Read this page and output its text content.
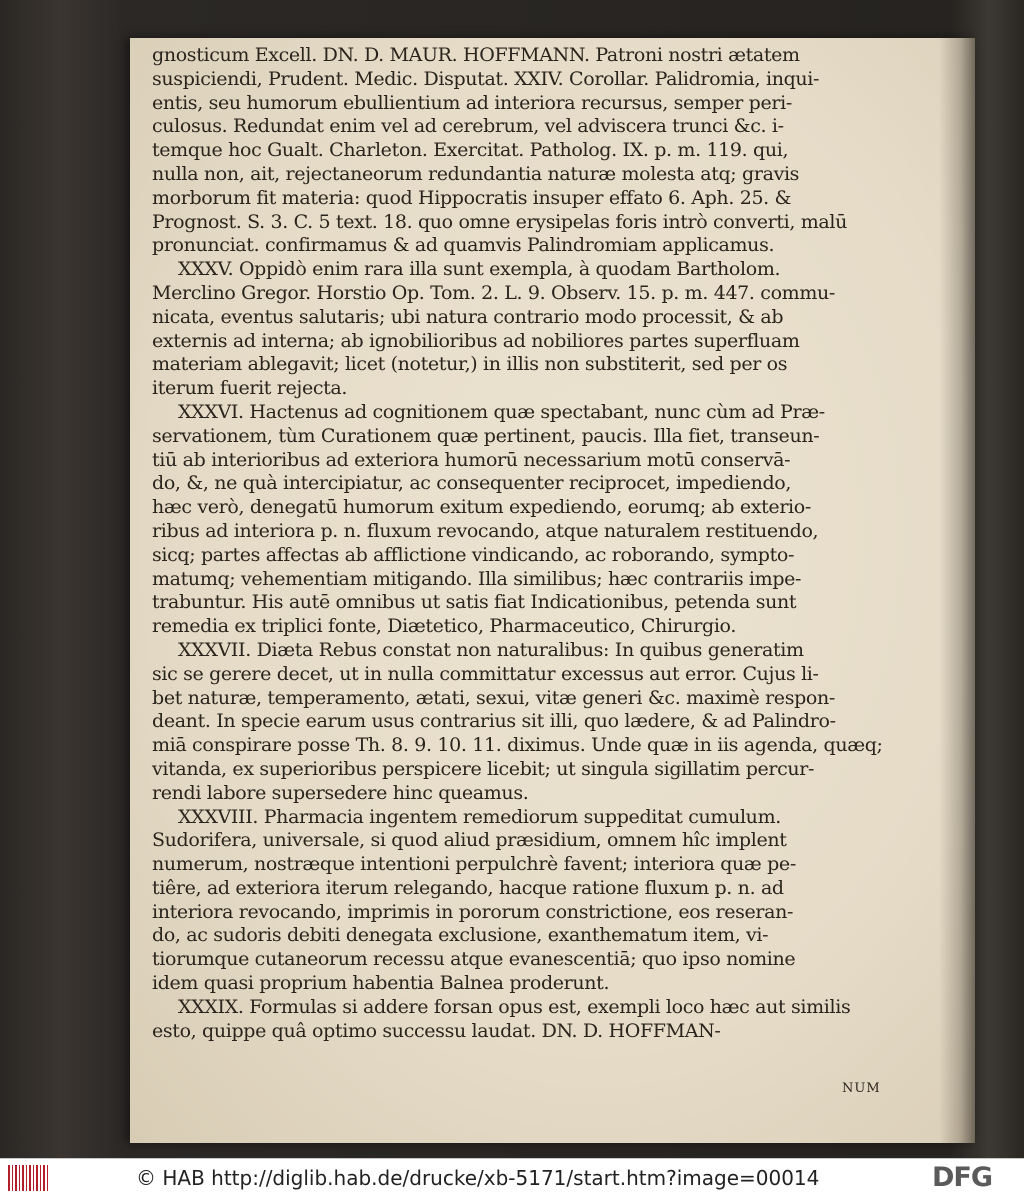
gnosticum Excell. DN. D. MAUR. HOFFMANN. Patroni nostri ætatem
suspiciendi, Prudent. Medic. Disputat. XXIV. Corollar. Palidromia, inqui-
entis, seu humorum ebullientium ad interiora recursus, semper peri-
culosus. Redundat enim vel ad cerebrum, vel adviscera trunci &c. i-
temque hoc Gualt. Charleton. Exercitat. Patholog. IX. p. m. 119. qui,
nulla non, ait, rejectaneorum redundantia naturæ molesta atq; gravis
morborum fit materia: quod Hippocratis insuper effato 6. Aph. 25. &
Prognost. S. 3. C. 5 text. 18. quo omne erysipelas foris intrò converti, malū
pronunciat. confirmamus & ad quamvis Palindromiam applicamus.
XXXV. Oppidò enim rara illa sunt exempla, à quodam Bartholom.
Merclino Gregor. Horstio Op. Tom. 2. L. 9. Observ. 15. p. m. 447. commu-
nicata, eventus salutaris; ubi natura contrario modo processit, & ab
externis ad interna; ab ignobilioribus ad nobiliores partes superfluam
materiam ablegavit; licet (notetur,) in illis non substiterit, sed per os
iterum fuerit rejecta.
XXXVI. Hactenus ad cognitionem quæ spectabant, nunc cùm ad Præ-
servationem, tùm Curationem quæ pertinent, paucis. Illa fiet, transeun-
tiū ab interioribus ad exteriora humorū necessarium motū conservā-
do, &, ne quà intercipiatur, ac consequenter reciprocet, impediendo,
hæc verò, denegatū humorum exitum expediendo, eorumq; ab exterio-
ribus ad interiora p. n. fluxum revocando, atque naturalem restituendo,
sicq; partes affectas ab afflictione vindicando, ac roborando, sympto-
matumq; vehementiam mitigando. Illa similibus; hæc contrariis impe-
trabuntur. His autē omnibus ut satis fiat Indicationibus, petenda sunt
remedia ex triplici fonte, Diætetico, Pharmaceutico, Chirurgio.
XXXVII. Diæta Rebus constat non naturalibus: In quibus generatim
sic se gerere decet, ut in nulla committatur excessus aut error. Cujus li-
bet naturæ, temperamento, ætati, sexui, vitæ generi &c. maximè respon-
deant. In specie earum usus contrarius sit illi, quo lædere, & ad Palindro-
miā conspirare posse Th. 8. 9. 10. 11. diximus. Unde quæ in iis agenda, quæq;
vitanda, ex superioribus perspicere licebit; ut singula sigillatim percur-
rendi labore supersedere hinc queamus.
XXXVIII. Pharmacia ingentem remediorum suppeditat cumulum.
Sudorifera, universale, si quod aliud præsidium, omnem hîc implent
numerum, nostræque intentioni perpulchrè favent; interiora quæ pe-
tiêre, ad exteriora iterum relegando, hacque ratione fluxum p. n. ad
interiora revocando, imprimis in pororum constrictione, eos reseran-
do, ac sudoris debiti denegata exclusione, exanthematum item, vi-
tiorumque cutaneorum recessu atque evanescentiā; quo ipso nomine
idem quasi proprium habentia Balnea proderunt.
XXXIX. Formulas si addere forsan opus est, exempli loco hæc aut similis
esto, quippe quâ optimo successu laudat. DN. D. HOFFMAN-
NUM
© HAB http://diglib.hab.de/drucke/xb-5171/start.htm?image=00014	DFG
